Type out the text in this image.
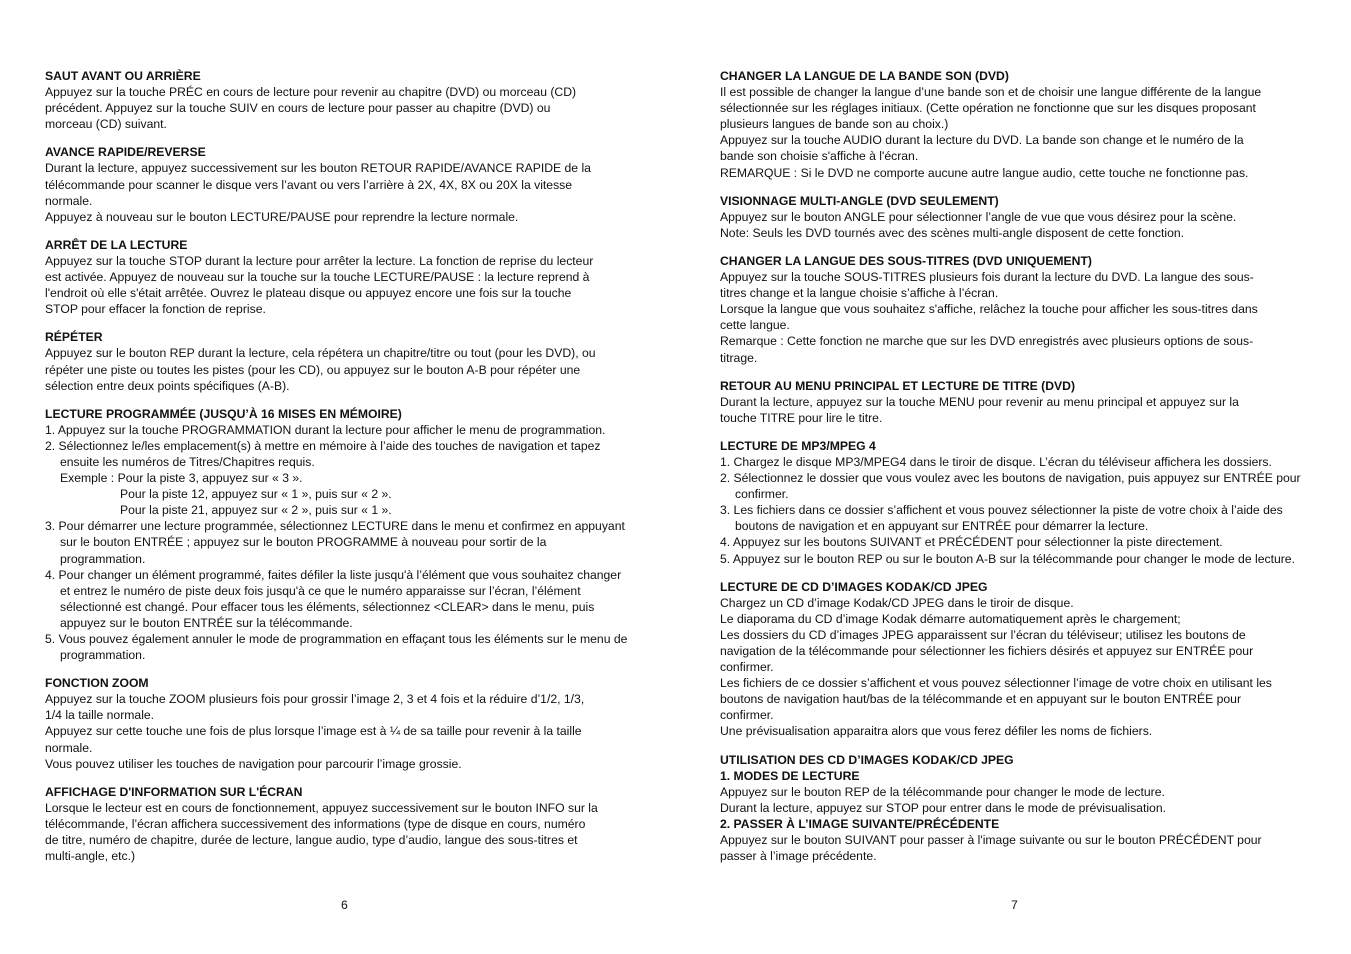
SAUT AVANT OU ARRIÈRE
Appuyez sur la touche PRÉC en cours de lecture pour revenir au chapitre (DVD) ou morceau (CD)
précédent. Appuyez sur la touche SUIV en cours de lecture pour passer au chapitre (DVD) ou
morceau (CD) suivant.
AVANCE RAPIDE/REVERSE
Durant la lecture, appuyez successivement sur les bouton RETOUR RAPIDE/AVANCE RAPIDE de la
télécommande pour scanner le disque vers l’avant ou vers l’arrière à 2X, 4X, 8X ou 20X la vitesse
normale.
Appuyez à nouveau sur le bouton LECTURE/PAUSE pour reprendre la lecture normale.
ARRÊT DE LA LECTURE
Appuyez sur la touche STOP durant la lecture pour arrêter la lecture. La fonction de reprise du lecteur
est activée. Appuyez de nouveau sur la touche sur la touche LECTURE/PAUSE : la lecture reprend à
l'endroit où elle s'était arrêtée. Ouvrez le plateau disque ou appuyez encore une fois sur la touche
STOP pour effacer la fonction de reprise.
RÉPÉTER
Appuyez sur le bouton REP durant la lecture, cela répétera un chapitre/titre ou tout (pour les DVD), ou
répéter une piste ou toutes les pistes (pour les CD), ou appuyez sur le bouton A-B pour répéter une
sélection entre deux points spécifiques (A-B).
LECTURE PROGRAMMÉE (JUSQU’À 16 MISES EN MÉMOIRE)
1. Appuyez sur la touche PROGRAMMATION durant la lecture pour afficher le menu de programmation.
2. Sélectionnez le/les emplacement(s) à mettre en mémoire à l’aide des touches de navigation et tapez ensuite les numéros de Titres/Chapitres requis.
Exemple : Pour la piste 3, appuyez sur « 3 ».
Pour la piste 12, appuyez sur « 1 », puis sur « 2 ».
Pour la piste 21, appuyez sur « 2 », puis sur « 1 ».
3. Pour démarrer une lecture programmée, sélectionnez LECTURE dans le menu et confirmez en appuyant sur le bouton ENTRÉE ; appuyez sur le bouton PROGRAMME à nouveau pour sortir de la programmation.
4. Pour changer un élément programmé, faites défiler la liste jusqu'à l’élément que vous souhaitez changer et entrez le numéro de piste deux fois jusqu'à ce que le numéro apparaisse sur l’écran, l’élément sélectionné est changé. Pour effacer tous les éléments, sélectionnez <CLEAR> dans le menu, puis appuyez sur le bouton ENTRÉE sur la télécommande.
5. Vous pouvez également annuler le mode de programmation en effaçant tous les éléments sur le menu de programmation.
FONCTION ZOOM
Appuyez sur la touche ZOOM plusieurs fois pour grossir l’image 2, 3 et 4 fois et la réduire d’1/2, 1/3,
1/4 la taille normale.
Appuyez sur cette touche une fois de plus lorsque l’image est à ¼ de sa taille pour revenir à la taille
normale.
Vous pouvez utiliser les touches de navigation pour parcourir l’image grossie.
AFFICHAGE D'INFORMATION SUR L'ÉCRAN
Lorsque le lecteur est en cours de fonctionnement, appuyez successivement sur le bouton INFO sur la
télécommande, l’écran affichera successivement des informations (type de disque en cours, numéro
de titre, numéro de chapitre, durée de lecture, langue audio, type d’audio, langue des sous-titres et
multi-angle, etc.)
6
CHANGER LA LANGUE DE LA BANDE SON (DVD)
Il est possible de changer la langue d’une bande son et de choisir une langue différente de la langue
sélectionnée sur les réglages initiaux. (Cette opération ne fonctionne que sur les disques proposant
plusieurs langues de bande son au choix.)
Appuyez sur la touche AUDIO durant la lecture du DVD. La bande son change et le numéro de la
bande son choisie s'affiche à l'écran.
REMARQUE : Si le DVD ne comporte aucune autre langue audio, cette touche ne fonctionne pas.
VISIONNAGE MULTI-ANGLE (DVD SEULEMENT)
Appuyez sur le bouton ANGLE pour sélectionner l’angle de vue que vous désirez pour la scène.
Note: Seuls les DVD tournés avec des scènes multi-angle disposent de cette fonction.
CHANGER LA LANGUE DES SOUS-TITRES (DVD UNIQUEMENT)
Appuyez sur la touche SOUS-TITRES plusieurs fois durant la lecture du DVD. La langue des sous-
titres change et la langue choisie s’affiche à l’écran.
Lorsque la langue que vous souhaitez s'affiche, relâchez la touche pour afficher les sous-titres dans
cette langue.
Remarque : Cette fonction ne marche que sur les DVD enregistrés avec plusieurs options de sous-
titrage.
RETOUR AU MENU PRINCIPAL ET LECTURE DE TITRE (DVD)
Durant la lecture, appuyez sur la touche MENU pour revenir au menu principal et appuyez sur la
touche TITRE pour lire le titre.
LECTURE DE MP3/MPEG 4
1. Chargez le disque MP3/MPEG4 dans le tiroir de disque. L’écran du téléviseur affichera les dossiers.
2. Sélectionnez le dossier que vous voulez avec les boutons de navigation, puis appuyez sur ENTRÉE pour confirmer.
3. Les fichiers dans ce dossier s’affichent et vous pouvez sélectionner la piste de votre choix à l’aide des boutons de navigation et en appuyant sur ENTRÉE pour démarrer la lecture.
4. Appuyez sur les boutons SUIVANT et PRÉCÉDENT pour sélectionner la piste directement.
5. Appuyez sur le bouton REP ou sur le bouton A-B sur la télécommande pour changer le mode de lecture.
LECTURE DE CD D’IMAGES KODAK/CD JPEG
Chargez un CD d’image Kodak/CD JPEG dans le tiroir de disque.
Le diaporama du CD d’image Kodak démarre automatiquement après le chargement;
Les dossiers du CD d’images JPEG apparaissent sur l’écran du téléviseur; utilisez les boutons de
navigation de la télécommande pour sélectionner les fichiers désirés et appuyez sur ENTRÉE pour
confirmer.
Les fichiers de ce dossier s’affichent et vous pouvez sélectionner l’image de votre choix en utilisant les
boutons de navigation haut/bas de la télécommande et en appuyant sur le bouton ENTRÉE pour
confirmer.
Une prévisualisation apparaitra alors que vous ferez défiler les noms de fichiers.
UTILISATION DES CD D’IMAGES KODAK/CD JPEG
1. MODES DE LECTURE
Appuyez sur le bouton REP de la télécommande pour changer le mode de lecture.
Durant la lecture, appuyez sur STOP pour entrer dans le mode de prévisualisation.
2. PASSER À L’IMAGE SUIVANTE/PRÉCÉDENTE
Appuyez sur le bouton SUIVANT pour passer à l'image suivante ou sur le bouton PRÉCÉDENT pour
passer à l’image précédente.
7
